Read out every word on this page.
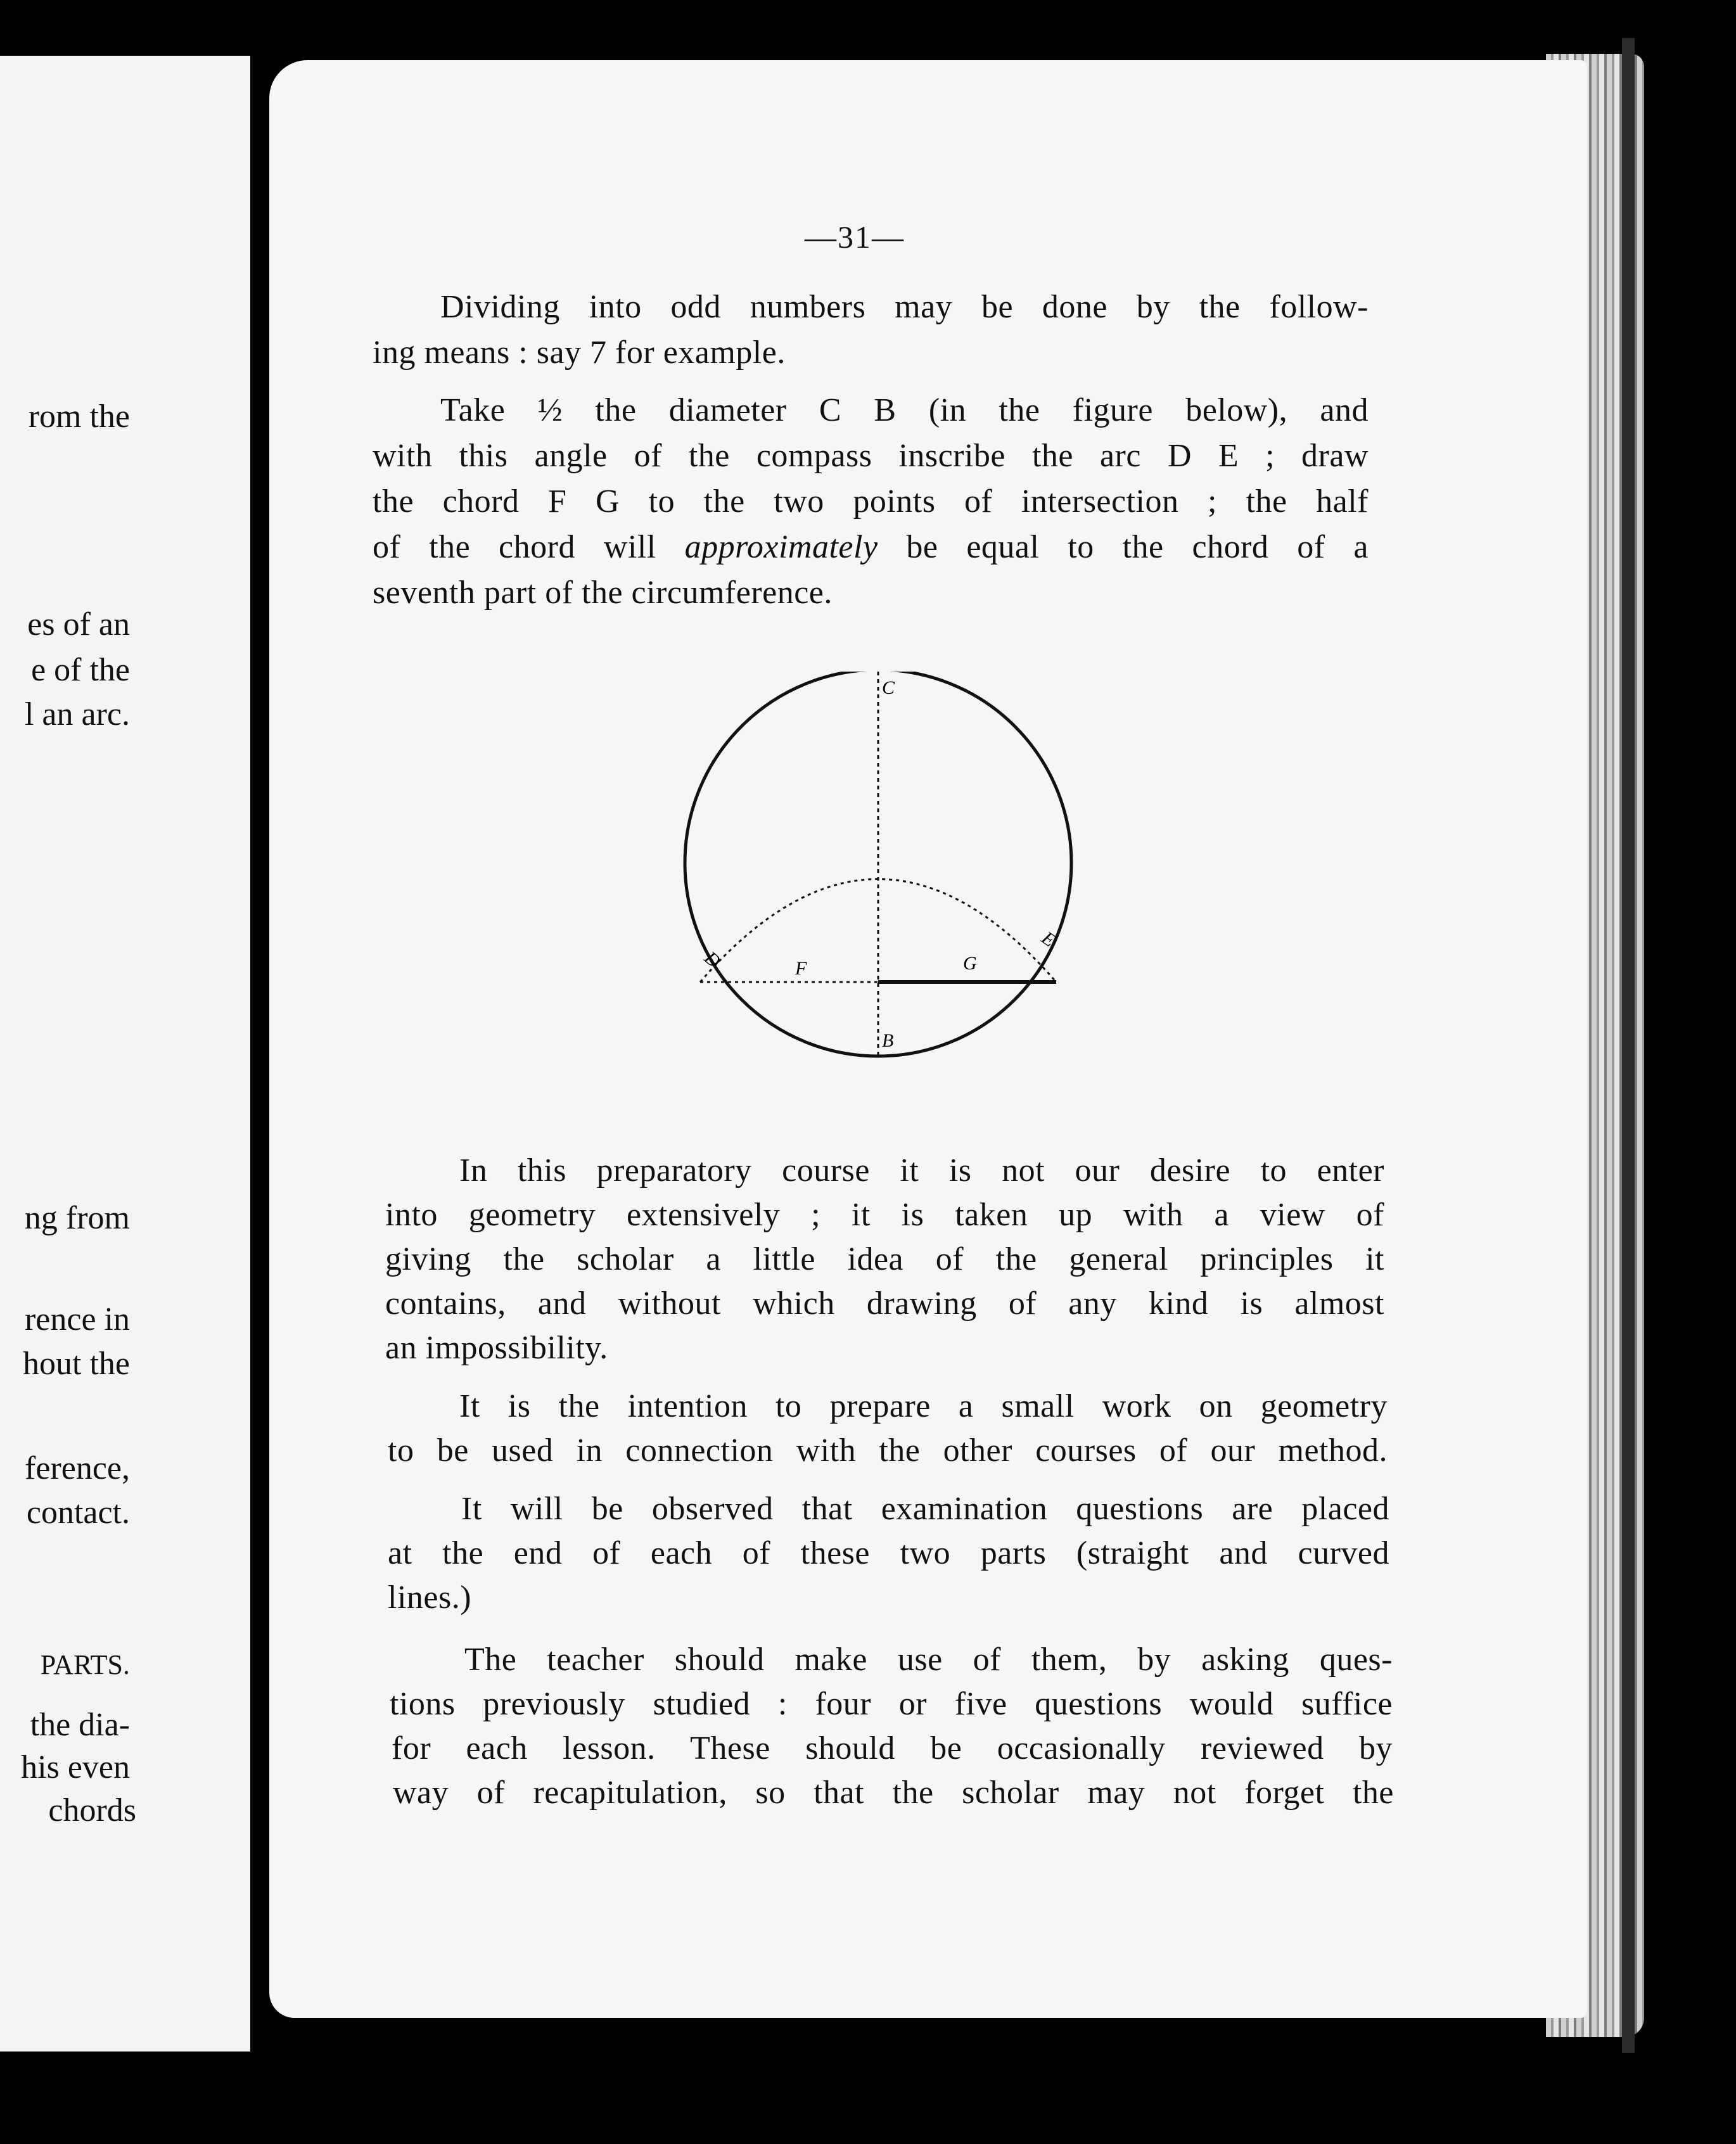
rom the
es of an
e of the
l an arc.
ng from
rence in
hout the
ference,
contact.
PARTS.
the dia-
his even
chords
—31—
Dividing into odd numbers may be done by the follow-
ing means : say 7 for example.
Take ½ the diameter C B (in the figure below), and
with this angle of the compass inscribe the arc D E ; draw
the chord F G to the two points of intersection ; the half
of the chord will approximately be equal to the chord of a
seventh part of the circumference.
C
B
D
E
F	G
In this preparatory course it is not our desire to enter
into geometry extensively ; it is taken up with a view of
giving the scholar a little idea of the general principles it
contains, and without which drawing of any kind is almost
an impossibility.
It is the intention to prepare a small work on geometry
to be used in connection with the other courses of our method.
It will be observed that examination questions are placed
at the end of each of these two parts (straight and curved
lines.)
The teacher should make use of them, by asking ques-
tions previously studied : four or five questions would suffice
for each lesson. These should be occasionally reviewed by
way of recapitulation, so that the scholar may not forget the
